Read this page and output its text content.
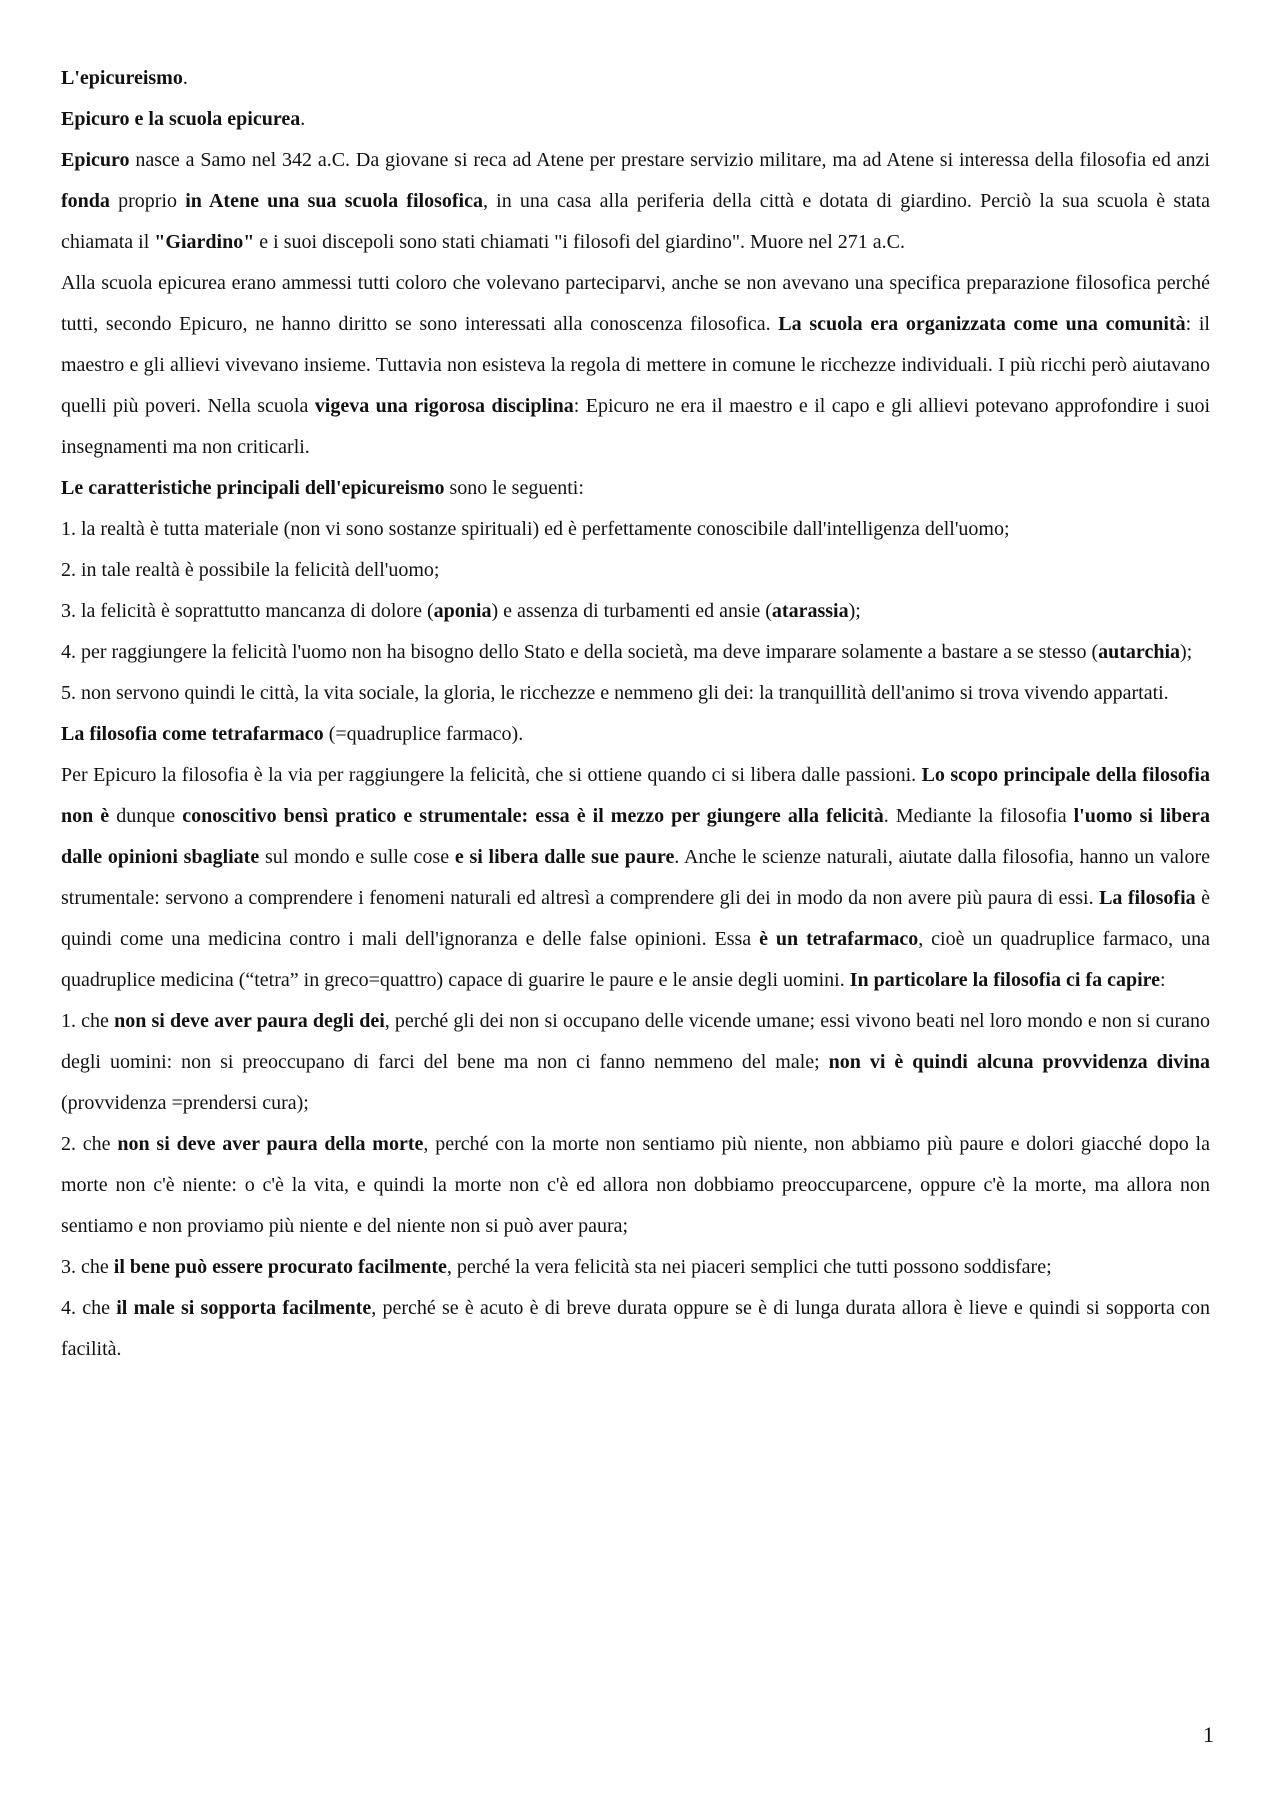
L'epicureismo.

Epicuro e la scuola epicurea.

Epicuro nasce a Samo nel 342 a.C. Da giovane si reca ad Atene per prestare servizio militare, ma ad Atene si interessa della filosofia ed anzi fonda proprio in Atene una sua scuola filosofica, in una casa alla periferia della città e dotata di giardino. Perciò la sua scuola è stata chiamata il "Giardino" e i suoi discepoli sono stati chiamati "i filosofi del giardino". Muore nel 271 a.C.

Alla scuola epicurea erano ammessi tutti coloro che volevano parteciparvi, anche se non avevano una specifica preparazione filosofica perché tutti, secondo Epicuro, ne hanno diritto se sono interessati alla conoscenza filosofica. La scuola era organizzata come una comunità: il maestro e gli allievi vivevano insieme. Tuttavia non esisteva la regola di mettere in comune le ricchezze individuali. I più ricchi però aiutavano quelli più poveri. Nella scuola vigeva una rigorosa disciplina: Epicuro ne era il maestro e il capo e gli allievi potevano approfondire i suoi insegnamenti ma non criticarli.

Le caratteristiche principali dell'epicureismo sono le seguenti:

1. la realtà è tutta materiale (non vi sono sostanze spirituali) ed è perfettamente conoscibile dall'intelligenza dell'uomo;

2. in tale realtà è possibile la felicità dell'uomo;

3. la felicità è soprattutto mancanza di dolore (aponia) e assenza di turbamenti ed ansie (atarassia);

4. per raggiungere la felicità l'uomo non ha bisogno dello Stato e della società, ma deve imparare solamente a bastare a se stesso (autarchia);

5. non servono quindi le città, la vita sociale, la gloria, le ricchezze e nemmeno gli dei: la tranquillità dell'animo si trova vivendo appartati.

La filosofia come tetrafarmaco (=quadruplice farmaco).

Per Epicuro la filosofia è la via per raggiungere la felicità, che si ottiene quando ci si libera dalle passioni. Lo scopo principale della filosofia non è dunque conoscitivo bensì pratico e strumentale: essa è il mezzo per giungere alla felicità. Mediante la filosofia l'uomo si libera dalle opinioni sbagliate sul mondo e sulle cose e si libera dalle sue paure. Anche le scienze naturali, aiutate dalla filosofia, hanno un valore strumentale: servono a comprendere i fenomeni naturali ed altresì a comprendere gli dei in modo da non avere più paura di essi. La filosofia è quindi come una medicina contro i mali dell'ignoranza e delle false opinioni. Essa è un tetrafarmaco, cioè un quadruplice farmaco, una quadruplice medicina (“tetra” in greco=quattro) capace di guarire le paure e le ansie degli uomini. In particolare la filosofia ci fa capire:

1. che non si deve aver paura degli dei, perché gli dei non si occupano delle vicende umane; essi vivono beati nel loro mondo e non si curano degli uomini: non si preoccupano di farci del bene ma non ci fanno nemmeno del male; non vi è quindi alcuna provvidenza divina (provvidenza =prendersi cura);

2. che non si deve aver paura della morte, perché con la morte non sentiamo più niente, non abbiamo più paure e dolori giacché dopo la morte non c'è niente: o c'è la vita, e quindi la morte non c'è ed allora non dobbiamo preoccuparcene, oppure c'è la morte, ma allora non sentiamo e non proviamo più niente e del niente non si può aver paura;

3. che il bene può essere procurato facilmente, perché la vera felicità sta nei piaceri semplici che tutti possono soddisfare;

4. che il male si sopporta facilmente, perché se è acuto è di breve durata oppure se è di lunga durata allora è lieve e quindi si sopporta con facilità.

1
